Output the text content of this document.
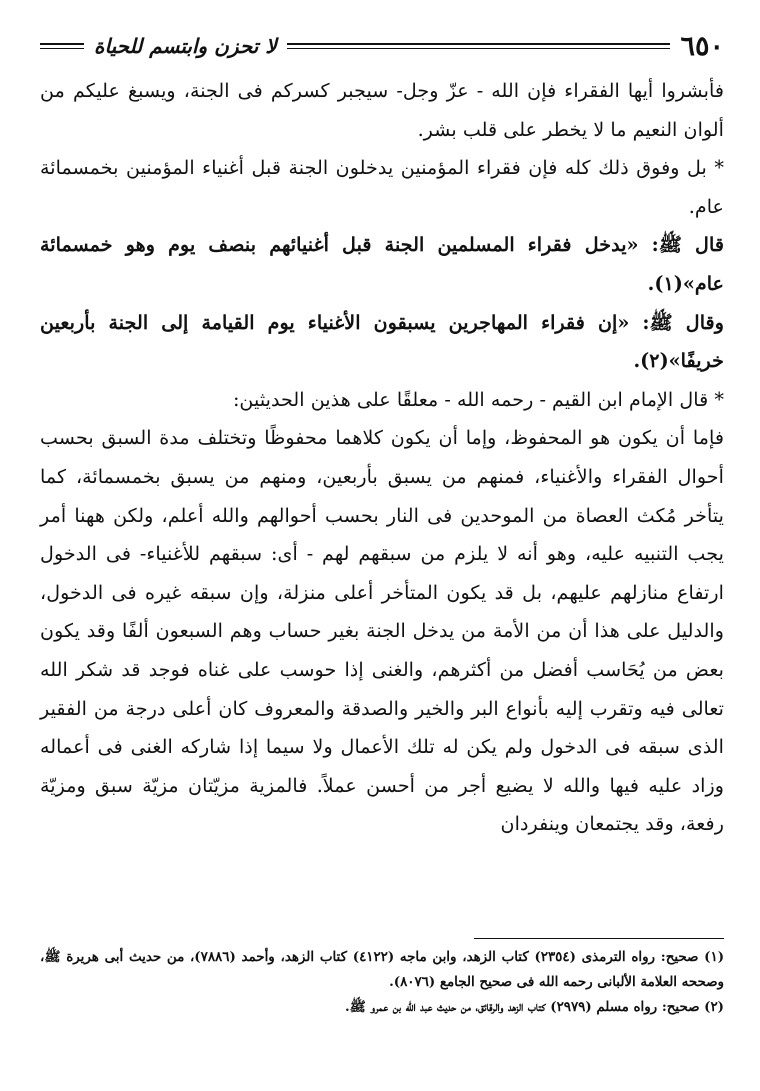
٦٥٠
لا تحزن وابتسم للحياة

فأبشروا أيها الفقراء فإن الله - عزّ وجل- سيجبر كسركم فى الجنة، ويسبغ عليكم من ألوان النعيم ما لا يخطر على قلب بشر.

* بل وفوق ذلك كله فإن فقراء المؤمنين يدخلون الجنة قبل أغنياء المؤمنين بخمسمائة عام.

قال ﷺ: «يدخل فقراء المسلمين الجنة قبل أغنيائهم بنصف يوم وهو خمسمائة عام»(١).

وقال ﷺ: «إن فقراء المهاجرين يسبقون الأغنياء يوم القيامة إلى الجنة بأربعين خريفًا»(٢).

* قال الإمام ابن القيم - رحمه الله - معلقًا على هذين الحديثين:

فإما أن يكون هو المحفوظ، وإما أن يكون كلاهما محفوظًا وتختلف مدة السبق بحسب أحوال الفقراء والأغنياء، فمنهم من يسبق بأربعين، ومنهم من يسبق بخمسمائة، كما يتأخر مُكث العصاة من الموحدين فى النار بحسب أحوالهم والله أعلم، ولكن ههنا أمر يجب التنبيه عليه، وهو أنه لا يلزم من سبقهم لهم - أى: سبقهم للأغنياء- فى الدخول ارتفاع منازلهم عليهم، بل قد يكون المتأخر أعلى منزلة، وإن سبقه غيره فى الدخول، والدليل على هذا أن من الأمة من يدخل الجنة بغير حساب وهم السبعون ألفًا وقد يكون بعض من يُحَاسب أفضل من أكثرهم، والغنى إذا حوسب على غناه فوجد قد شكر الله تعالى فيه وتقرب إليه بأنواع البر والخير والصدقة والمعروف كان أعلى درجة من الفقير الذى سبقه فى الدخول ولم يكن له تلك الأعمال ولا سيما إذا شاركه الغنى فى أعماله وزاد عليه فيها والله لا يضيع أجر من أحسن عملاً. فالمزية مزيّتان مزيّة سبق ومزيّة رفعة، وقد يجتمعان وينفردان

(١) صحيح: رواه الترمذى (٢٣٥٤) كتاب الزهد، وابن ماجه (٤١٢٢) كتاب الزهد، وأحمد (٧٨٨٦)، من حديث أبى هريرة ﷺ، وصححه العلامة الألبانى رحمه الله فى صحيح الجامع (٨٠٧٦).

(٢) صحيح: رواه مسلم (٢٩٧٩) كتاب الزهد والرقائق، من حديث عبد الله بن عمرو ﷺ.
